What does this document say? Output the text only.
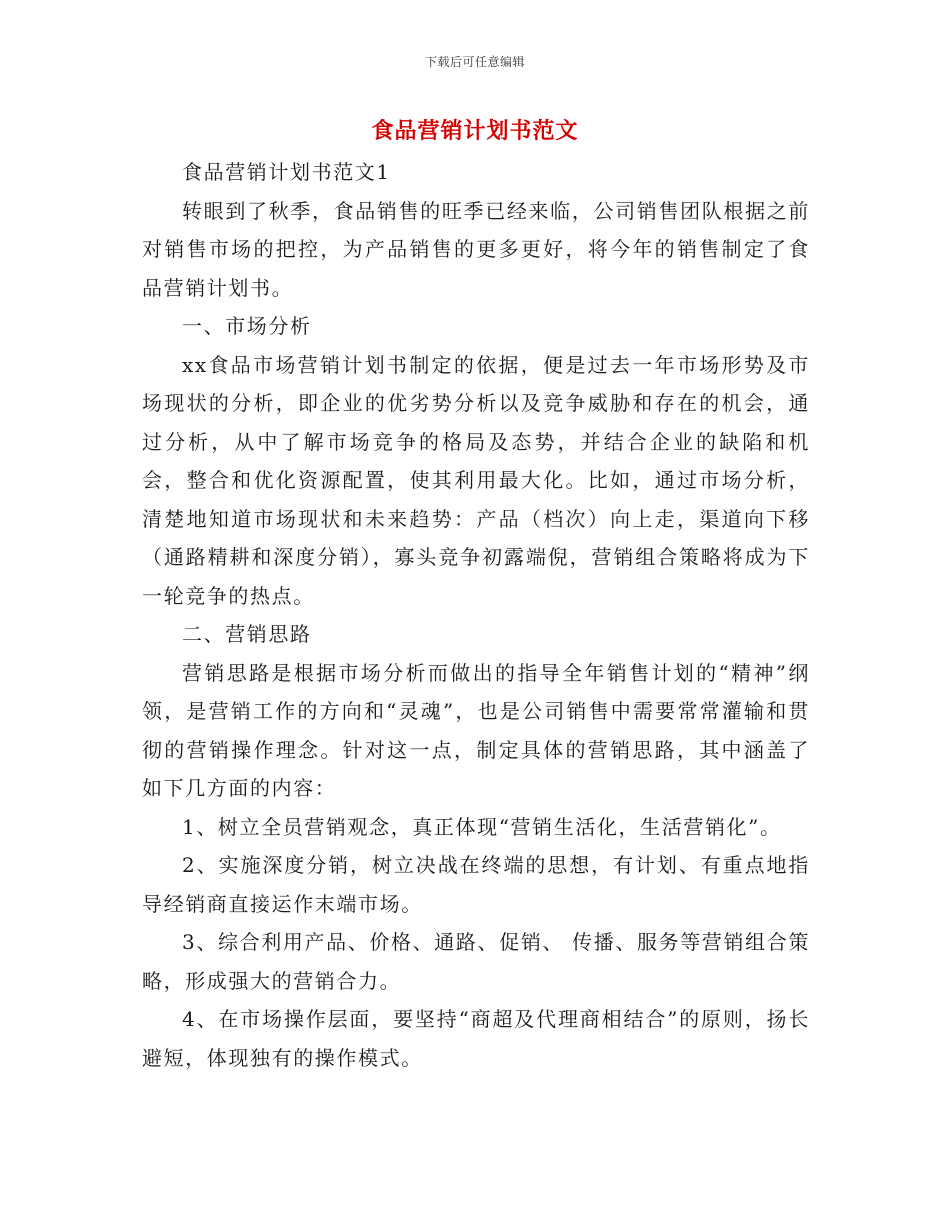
下载后可任意编辑
食品营销计划书范文

食品营销计划书范文1

转眼到了秋季，食品销售的旺季已经来临，公司销售团队根据之前对销售市场的把控，为产品销售的更多更好，将今年的销售制定了食品营销计划书。

一、市场分析

xx食品市场营销计划书制定的依据，便是过去一年市场形势及市场现状的分析，即企业的优劣势分析以及竞争威胁和存在的机会，通过分析，从中了解市场竞争的格局及态势，并结合企业的缺陷和机会，整合和优化资源配置，使其利用最大化。比如，通过市场分析，清楚地知道市场现状和未来趋势：产品（档次）向上走，渠道向下移（通路精耕和深度分销），寡头竞争初露端倪，营销组合策略将成为下一轮竞争的热点。

二、营销思路

营销思路是根据市场分析而做出的指导全年销售计划的“精神”纲领，是营销工作的方向和“灵魂”，也是公司销售中需要常常灌输和贯彻的营销操作理念。针对这一点，制定具体的营销思路，其中涵盖了如下几方面的内容：

1、树立全员营销观念，真正体现“营销生活化，生活营销化”。

2、实施深度分销，树立决战在终端的思想，有计划、有重点地指导经销商直接运作末端市场。

3、综合利用产品、价格、通路、促销、 传播、服务等营销组合策略，形成强大的营销合力。

4、在市场操作层面，要坚持“商超及代理商相结合”的原则，扬长避短，体现独有的操作模式。
